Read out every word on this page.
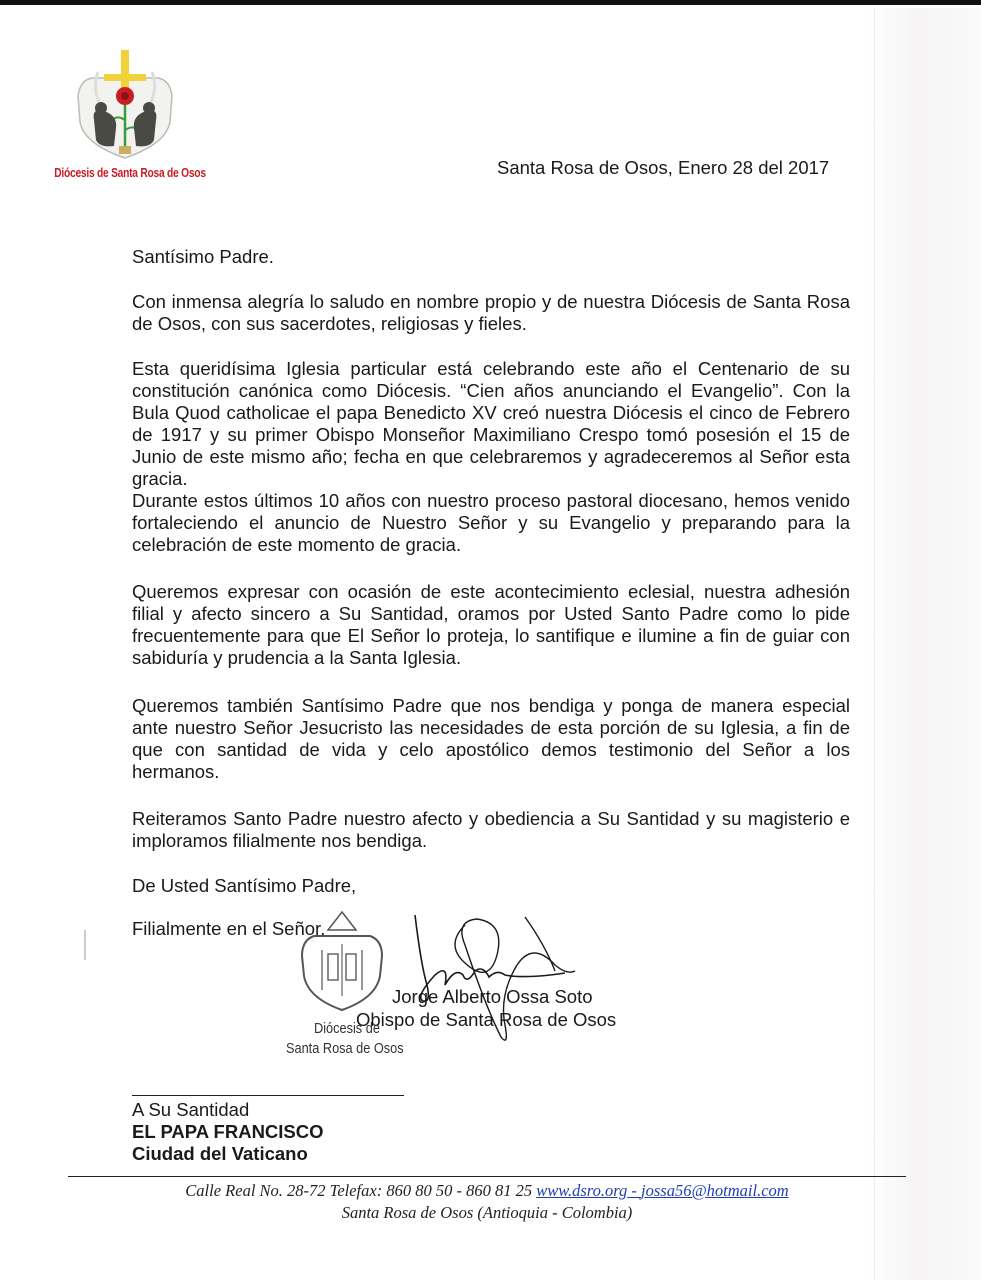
Diócesis de Santa Rosa de Osos	Santa Rosa de Osos, Enero 28 del 2017

Santísimo Padre.

Con inmensa alegría lo saludo en nombre propio y de nuestra Diócesis de Santa Rosa de Osos, con sus sacerdotes, religiosas y fieles.

Esta queridísima Iglesia particular está celebrando este año el Centenario de su constitución canónica como Diócesis. “Cien años anunciando el Evangelio”. Con la Bula Quod catholicae el papa Benedicto XV creó nuestra Diócesis el cinco de Febrero de 1917 y su primer Obispo Monseñor Maximiliano Crespo tomó posesión el 15 de Junio de este mismo año; fecha en que celebraremos y agradeceremos al Señor esta gracia.

Durante estos últimos 10 años con nuestro proceso pastoral diocesano, hemos venido fortaleciendo el anuncio de Nuestro Señor y su Evangelio y preparando para la celebración de este momento de gracia.

Queremos expresar con ocasión de este acontecimiento eclesial, nuestra adhesión filial y afecto sincero a Su Santidad, oramos por Usted Santo Padre como lo pide frecuentemente para que El Señor lo proteja, lo santifique e ilumine a fin de guiar con sabiduría y prudencia a la Santa Iglesia.

Queremos también Santísimo Padre que nos bendiga y ponga de manera especial ante nuestro Señor Jesucristo las necesidades de esta porción de su Iglesia, a fin de que con santidad de vida y celo apostólico demos testimonio del Señor a los hermanos.

Reiteramos Santo Padre nuestro afecto y obediencia a Su Santidad y su magisterio e imploramos filialmente nos bendiga.

De Usted Santísimo Padre,

Filialmente en el Señor.

Jorge Alberto Ossa Soto
Obispo de Santa Rosa de Osos
Diócesis de
Santa Rosa de Osos
A Su Santidad
EL PAPA FRANCISCO
Ciudad del Vaticano
Calle Real No. 28-72 Telefax: 860 80 50 - 860 81 25 www.dsro.org - jossa56@hotmail.com
Santa Rosa de Osos (Antioquia - Colombia)
